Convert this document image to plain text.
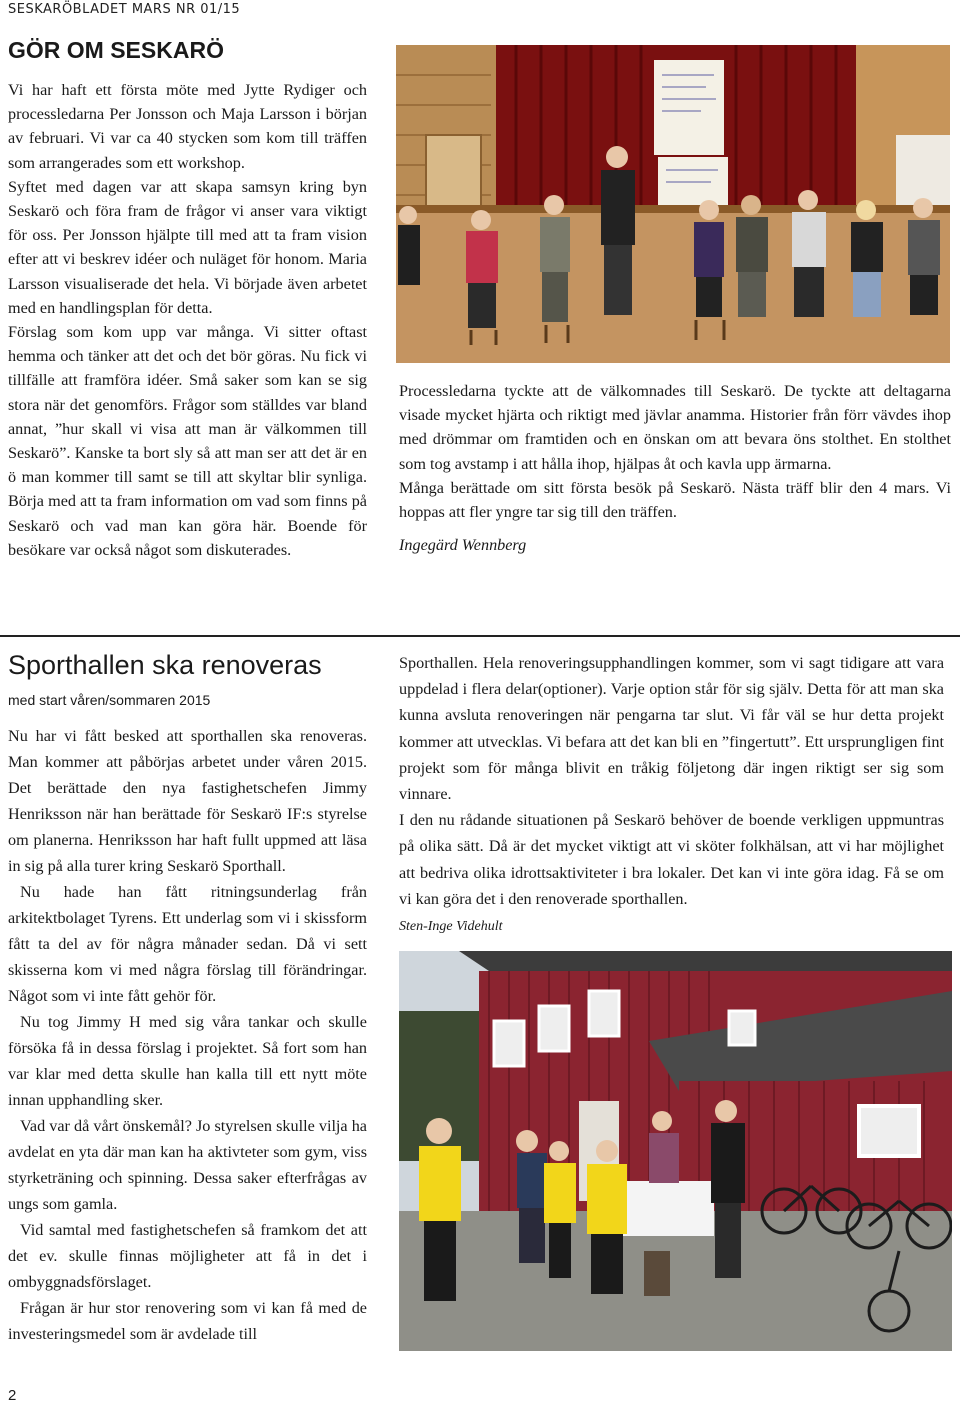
SESKARÖBLADET MARS NR 01/15
GÖR OM SESKARÖ

Vi har haft ett första möte med Jytte Rydiger och processledarna Per Jonsson och Maja Larsson i början av februari. Vi var ca 40 stycken som kom till träffen som arrangerades som ett workshop.

Syftet med dagen var att skapa samsyn kring byn Seskarö och föra fram de frågor vi anser vara viktigt för oss. Per Jonsson hjälpte till med att ta fram vision efter att vi beskrev idéer och nuläget för honom. Maria Larsson visualiserade det hela. Vi började även arbetet med en handlingsplan för detta.

Förslag som kom upp var många. Vi sitter oftast hemma och tänker att det och det bör göras. Nu fick vi tillfälle att framföra idéer. Små saker som kan se sig stora när det genomförs. Frågor som ställdes var bland annat, ”hur skall vi visa att man är välkommen till Seskarö”. Kanske ta bort sly så att man ser att det är en ö man kommer till samt se till att skyltar blir synliga. Börja med att ta fram information om vad som finns på Seskarö och vad man kan göra här. Boende för besökare var också något som diskuterades.

Processledarna tyckte att de välkomnades till Seskarö. De tyckte att deltagarna visade mycket hjärta och riktigt med jävlar anamma. Historier från förr vävdes ihop med drömmar om framtiden och en önskan om att bevara öns stolthet. En stolthet som tog avstamp i att hålla ihop, hjälpas åt och kavla upp ärmarna.

Många berättade om sitt första besök på Seskarö. Nästa träff blir den 4 mars. Vi hoppas att fler yngre tar sig till den träffen.

Ingegärd Wennberg

Sporthallen ska renoveras
med start våren/sommaren 2015

Nu har vi fått besked att sporthallen ska renoveras. Man kommer att påbörjas arbetet under våren 2015. Det berättade den nya fastighetschefen Jimmy Henriksson när han berättade för Seskarö IF:s styrelse om planerna. Henriksson har haft fullt uppmed att läsa in sig på alla turer kring Seskarö Sporthall.

Nu hade han fått ritningsunderlag från arkitektbolaget Tyrens. Ett underlag som vi i skissform fått ta del av för några månader sedan. Då vi sett skisserna kom vi med några förslag till förändringar. Något som vi inte fått gehör för.

Nu tog Jimmy H med sig våra tankar och skulle försöka få in dessa förslag i projektet. Så fort som han var klar med detta skulle han kalla till ett nytt möte innan upphandling sker.

Vad var då vårt önskemål? Jo styrelsen skulle vilja ha avdelat en yta där man kan ha aktivteter som gym, viss styrketräning och spinning. Dessa saker efterfrågas av ungs som gamla.

Vid samtal med fastighetschefen så framkom det att det ev. skulle finnas möjligheter att få in det i ombyggnadsförslaget.

Frågan är hur stor renovering som vi kan få med de investeringsmedel som är avdelade till

Sporthallen. Hela renoveringsupphandlingen kommer, som vi sagt tidigare att vara uppdelad i flera delar(optioner). Varje option står för sig själv. Detta för att man ska kunna avsluta renoveringen när pengarna tar slut. Vi får väl se hur detta projekt kommer att utvecklas. Vi befara att det kan bli en ”fingertutt”. Ett ursprungligen fint projekt som för många blivit en tråkig följetong där ingen riktigt ser sig som vinnare.

I den nu rådande situationen på Seskarö behöver de boende verkligen uppmuntras på olika sätt. Då är det mycket viktigt att vi sköter folkhälsan, att vi har möjlighet att bedriva olika idrottsaktiviteter i bra lokaler. Det kan vi inte göra idag. Få se om vi kan göra det i den renoverade sporthallen.

Sten-Inge Videhult

2
